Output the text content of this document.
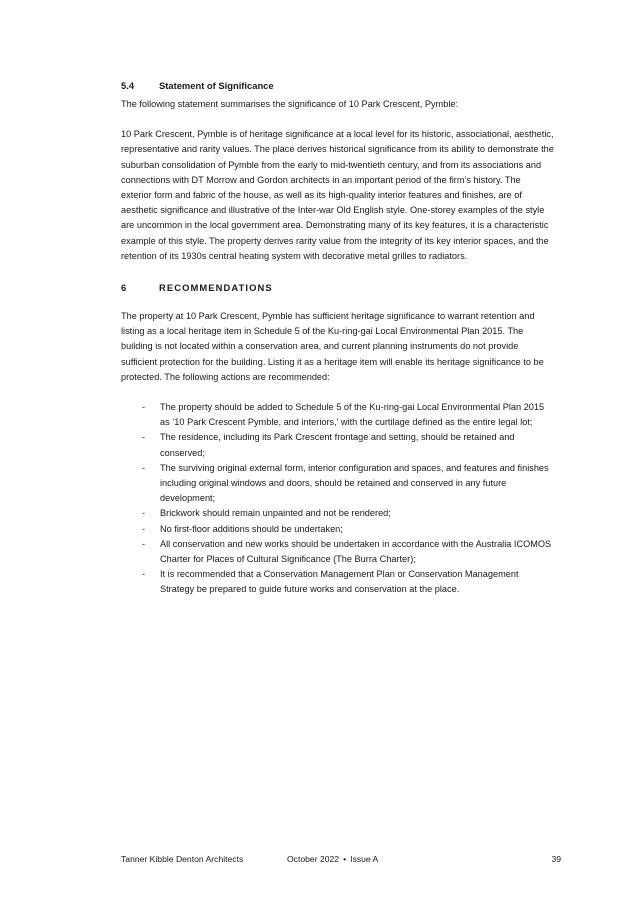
5.4	Statement of Significance

The following statement summarises the significance of 10 Park Crescent, Pymble:

10 Park Crescent, Pymble is of heritage significance at a local level for its historic, associational, aesthetic,
representative and rarity values. The place derives historical significance from its ability to demonstrate the
suburban consolidation of Pymble from the early to mid-twentieth century, and from its associations and
connections with DT Morrow and Gordon architects in an important period of the firm’s history. The
exterior form and fabric of the house, as well as its high-quality interior features and finishes, are of
aesthetic significance and illustrative of the Inter-war Old English style. One-storey examples of the style
are uncommon in the local government area. Demonstrating many of its key features, it is a characteristic
example of this style. The property derives rarity value from the integrity of its key interior spaces, and the
retention of its 1930s central heating system with decorative metal grilles to radiators.

6	RECOMMENDATIONS

The property at 10 Park Crescent, Pymble has sufficient heritage significance to warrant retention and
listing as a local heritage item in Schedule 5 of the Ku-ring-gai Local Environmental Plan 2015. The
building is not located within a conservation area, and current planning instruments do not provide
sufficient protection for the building. Listing it as a heritage item will enable its heritage significance to be
protected. The following actions are recommended:

- The property should be added to Schedule 5 of the Ku-ring-gai Local Environmental Plan 2015
as ‘10 Park Crescent Pymble, and interiors,’ with the curtilage defined as the entire legal lot;
- The residence, including its Park Crescent frontage and setting, should be retained and
conserved;
- The surviving original external form, interior configuration and spaces, and features and finishes
including original windows and doors, should be retained and conserved in any future
development;
- Brickwork should remain unpainted and not be rendered;
- No first-floor additions should be undertaken;
- All conservation and new works should be undertaken in accordance with the Australia ICOMOS
Charter for Places of Cultural Significance (The Burra Charter);
- It is recommended that a Conservation Management Plan or Conservation Management
Strategy be prepared to guide future works and conservation at the place.
Tanner Kibble Denton Architects	October 2022 • Issue A	39
